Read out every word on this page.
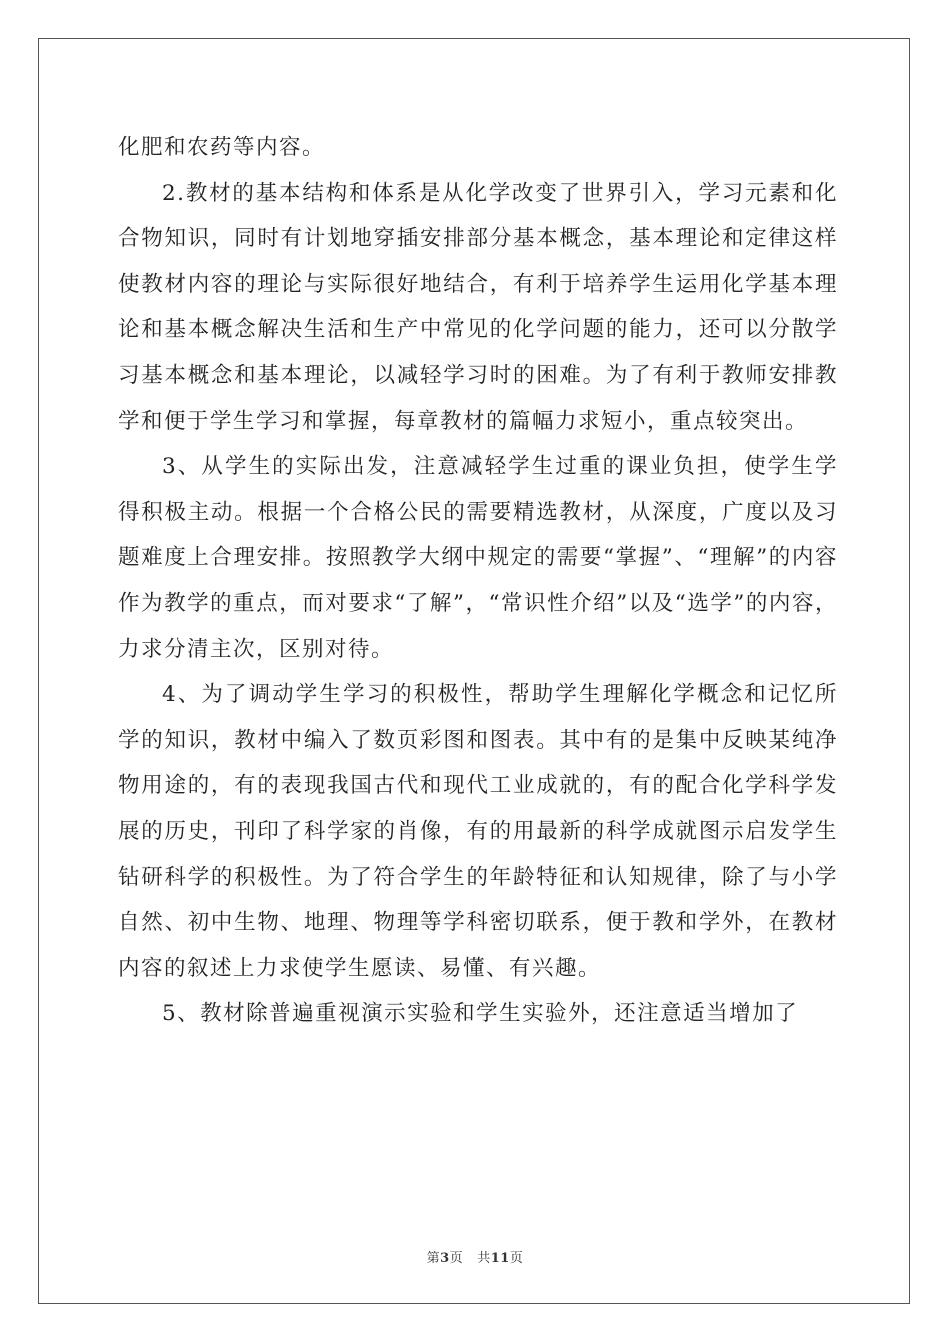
化肥和农药等内容。

2.教材的基本结构和体系是从化学改变了世界引入，学习元素和化合物知识，同时有计划地穿插安排部分基本概念，基本理论和定律这样使教材内容的理论与实际很好地结合，有利于培养学生运用化学基本理论和基本概念解决生活和生产中常见的化学问题的能力，还可以分散学习基本概念和基本理论，以减轻学习时的困难。为了有利于教师安排教学和便于学生学习和掌握，每章教材的篇幅力求短小，重点较突出。

3、从学生的实际出发，注意减轻学生过重的课业负担，使学生学得积极主动。根据一个合格公民的需要精选教材，从深度，广度以及习题难度上合理安排。按照教学大纲中规定的需要“掌握”、“理解”的内容作为教学的重点，而对要求“了解”，“常识性介绍”以及“选学”的内容，力求分清主次，区别对待。

4、为了调动学生学习的积极性，帮助学生理解化学概念和记忆所学的知识，教材中编入了数页彩图和图表。其中有的是集中反映某纯净物用途的，有的表现我国古代和现代工业成就的，有的配合化学科学发展的历史，刊印了科学家的肖像，有的用最新的科学成就图示启发学生钻研科学的积极性。为了符合学生的年龄特征和认知规律，除了与小学自然、初中生物、地理、物理等学科密切联系，便于教和学外，在教材内容的叙述上力求使学生愿读、易懂、有兴趣。

5、教材除普遍重视演示实验和学生实验外，还注意适当增加了

第3页 共11页
